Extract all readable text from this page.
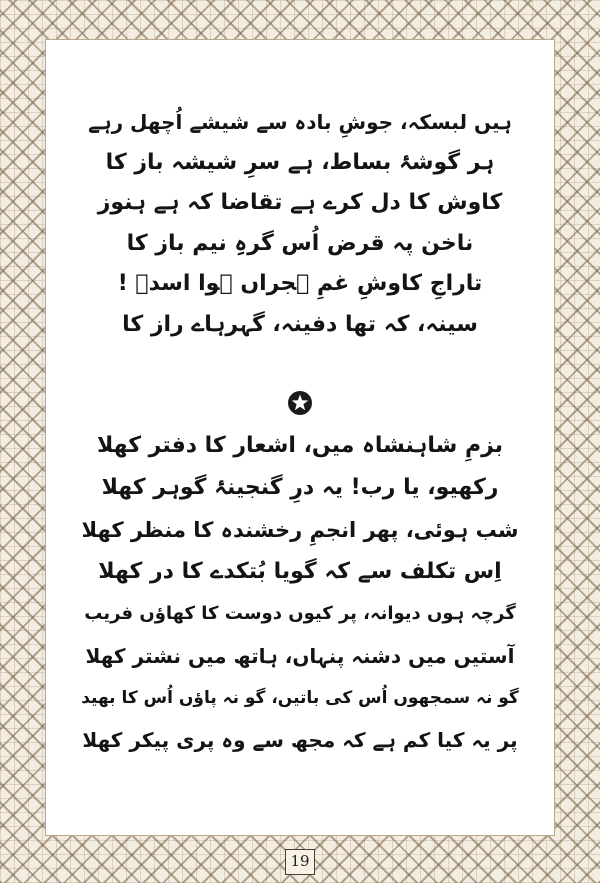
ہیں لبسکہ، جوشِ بادہ سے شیشے اُچھل رہے
ہر گوشۂ بساط، ہے سرِ شیشہ باز کا
کاوش کا دل کرے ہے تقاضا کہ ہے ہنوز
ناخن پہ قرض اُس گرہِ نیم باز کا
تاراجِ کاوشِ غمِ ہجراں ہوا اسدؔ !
سینہ، کہ تھا دفینہ، گہرہاے راز کا
بزمِ شاہنشاہ میں، اشعار کا دفتر کھلا
رکھیو، یا رب! یہ درِ گنجینۂ گوہر کھلا
شب ہوئی، پھر انجمِ رخشندہ کا منظر کھلا
اِس تکلف سے کہ گویا بُتکدے کا در کھلا
گرچہ ہوں دیوانہ، پر کیوں دوست کا کھاؤں فریب
آستیں میں دشنہ پنہاں، ہاتھ میں نشتر کھلا
گو نہ سمجھوں اُس کی باتیں، گو نہ پاؤں اُس کا بھید
پر یہ کیا کم ہے کہ مجھ سے وہ پری پیکر کھلا
19
